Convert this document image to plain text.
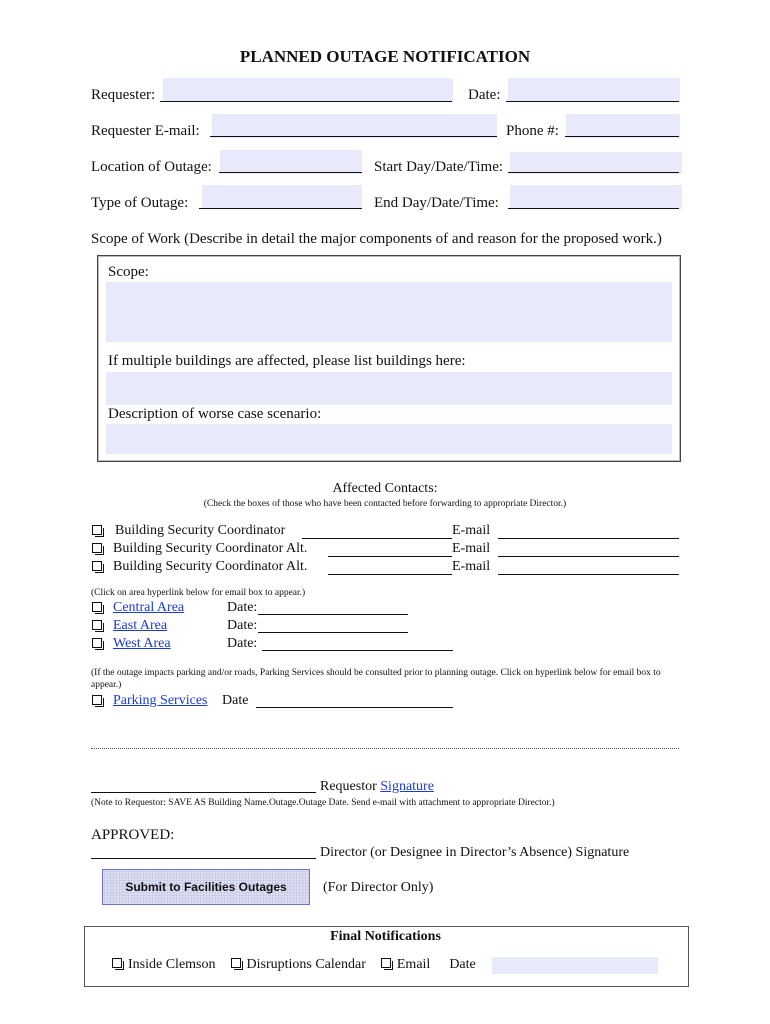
PLANNED OUTAGE NOTIFICATION
Requester:	Date:
Requester E-mail:	Phone #:
Location of Outage:	Start Day/Date/Time:
Type of Outage:	End Day/Date/Time:
Scope of Work (Describe in detail the major components of and reason for the proposed work.)
Scope:
If multiple buildings are affected, please list buildings here:
Description of worse case scenario:
Affected Contacts:
(Check the boxes of those who have been contacted before forwarding to appropriate Director.)
Building Security Coordinator	E-mail
Building Security Coordinator Alt.	E-mail
Building Security Coordinator Alt.	E-mail
(Click on area hyperlink below for email box to appear.)
Central Area	Date:
East Area	Date:
West Area	Date:
(If the outage impacts parking and/or roads, Parking Services should be consulted prior to planning outage. Click on hyperlink below for email box to appear.)
Parking Services Date
Requestor Signature
(Note to Requestor: SAVE AS Building Name.Outage.Outage Date. Send e-mail with attachment to appropriate Director.)
APPROVED:
Director (or Designee in Director’s Absence) Signature
Submit to Facilities Outages	(For Director Only)
Final Notifications
Inside Clemson Disruptions Calendar Email Date
